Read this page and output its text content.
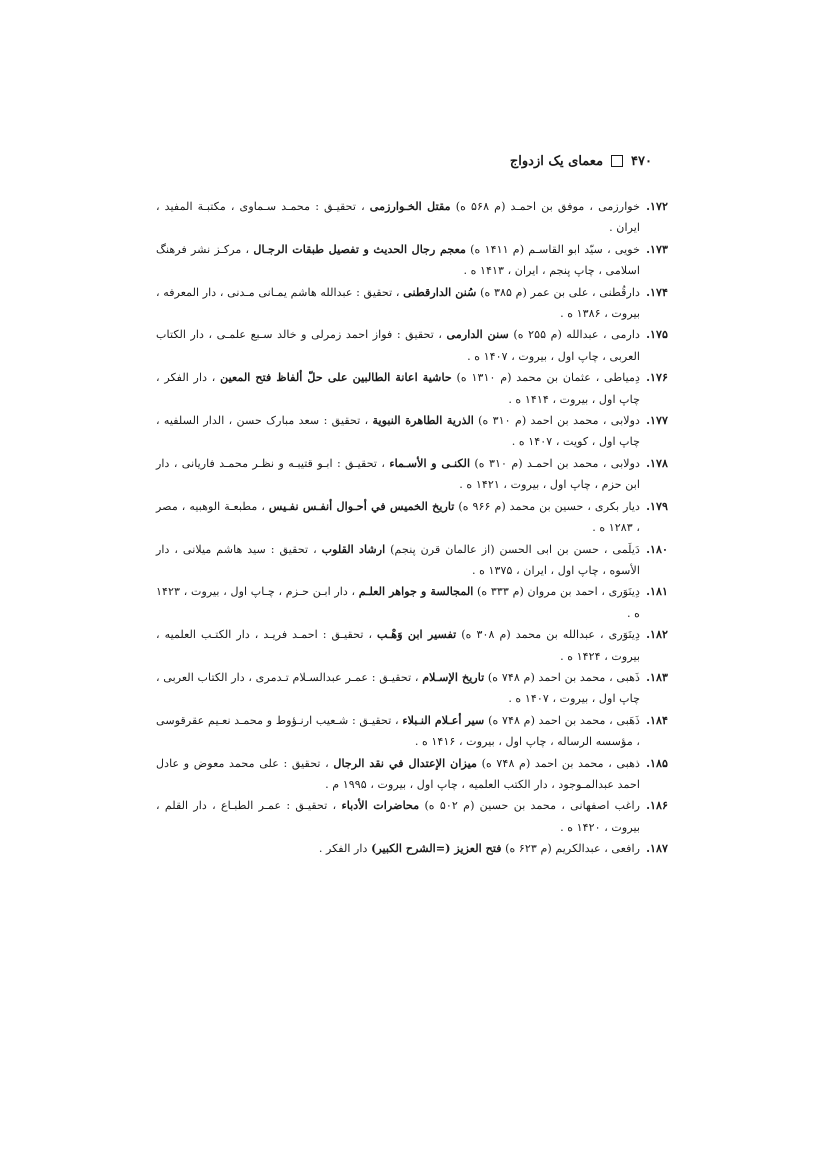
۴۷۰
معمای یک ازدواج
۱۷۲.
خوارزمی ، موفق بن احمـد (م ۵۶۸ ه) مقتل الخـوارزمی ، تحقیـق : محمـد سـماوی ، مکتبـة المفید ، ایران .
۱۷۳.
خویی ، سیّد ابو القاسـم (م ۱۴۱۱ ه) معجم رجال الحدیث و تفصیل طبقات الرجـال ، مرکـز نشر فرهنگ اسلامی ، چاپ پنجم ، ایران ، ۱۴۱۳ ه .
۱۷۴.
دارقُطنی ، علی بن عمر (م ۳۸۵ ه) سُنن الدارقطنی ، تحقیق : عبدالله هاشم یمـانی مـدنی ، دار المعرفه ، بیروت ، ۱۳۸۶ ه .
۱۷۵.
دارمی ، عبدالله (م ۲۵۵ ه) سنن الدارمی ، تحقیق : فواز احمد زمرلی و خالد سـبع علمـی ، دار الکتاب العربی ، چاپ اول ، بیروت ، ۱۴۰۷ ه .
۱۷۶.
دِمیاطی ، عثمان بن محمد (م ۱۳۱۰ ه) حاشیة اعانة الطالبین علی حلّ ألفاظ فتح المعین ، دار الفکر ، چاپ اول ، بیروت ، ۱۴۱۴ ه .
۱۷۷.
دولابی ، محمد بن احمد (م ۳۱۰ ه) الذریة الطاهرة النبویة ، تحقیق : سعد مبارک حسن ، الدار السلفیه ، چاپ اول ، کویت ، ۱۴۰۷ ه .
۱۷۸.
دولابی ، محمد بن احمـد (م ۳۱۰ ه) الکنـی و الأسـماء ، تحقیـق : ابـو قتیبـه و نظـر محمـد فاریانی ، دار ابن حزم ، چاپ اول ، بیروت ، ۱۴۲۱ ه .
۱۷۹.
دیار بکری ، حسین بن محمد (م ۹۶۶ ه) تاریخ الخمیس في أحـوال أنفـس نفـیس ، مطبعـة الوهبیه ، مصر ، ۱۲۸۳ ه .
۱۸۰.
دَیلَمی ، حسن بن ابی الحسن (از عالمان قرن پنجم) ارشاد القلوب ، تحقیق : سید هاشم میلانی ، دار الأسوه ، چاپ اول ، ایران ، ۱۳۷۵ ه .
۱۸۱.
دِینَوَری ، احمد بن مروان (م ۳۳۳ ه) المجالسة و جواهر العلـم ، دار ابـن حـزم ، چـاپ اول ، بیروت ، ۱۴۲۳ ه .
۱۸۲.
دِینَوَری ، عبدالله بن محمد (م ۳۰۸ ه) تفسیر ابن وَهْـب ، تحقیـق : احمـد فریـد ، دار الکتـب العلمیه ، بیروت ، ۱۴۲۴ ه .
۱۸۳.
ذَهبی ، محمد بن احمد (م ۷۴۸ ه) تاریخ الإسـلام ، تحقیـق : عمـر عبدالسـلام تـدمری ، دار الکتاب العربی ، چاپ اول ، بیروت ، ۱۴۰۷ ه .
۱۸۴.
ذَهَبی ، محمد بن احمد (م ۷۴۸ ه) سیر أعـلام النـبلاء ، تحقیـق : شـعیب ارنـؤوط و محمـد نعـیم عقرقوسی ، مؤسسه الرساله ، چاپ اول ، بیروت ، ۱۴۱۶ ه .
۱۸۵.
ذهبی ، محمد بن احمد (م ۷۴۸ ه) میزان الإعتدال في نقد الرجال ، تحقیق : علی محمد معوض و عادل احمد عبدالمـوجود ، دار الکتب العلمیه ، چاپ اول ، بیروت ، ۱۹۹۵ م .
۱۸۶.
راغب اصفهانی ، محمد بن حسین (م ۵۰۲ ه) محاضرات الأدباء ، تحقیـق : عمـر الطبـاع ، دار القلم ، بیروت ، ۱۴۲۰ ه .
۱۸۷.
رافعی ، عبدالکریم (م ۶۲۳ ه) فتح العزیز (=الشرح الکبیر) دار الفکر .
